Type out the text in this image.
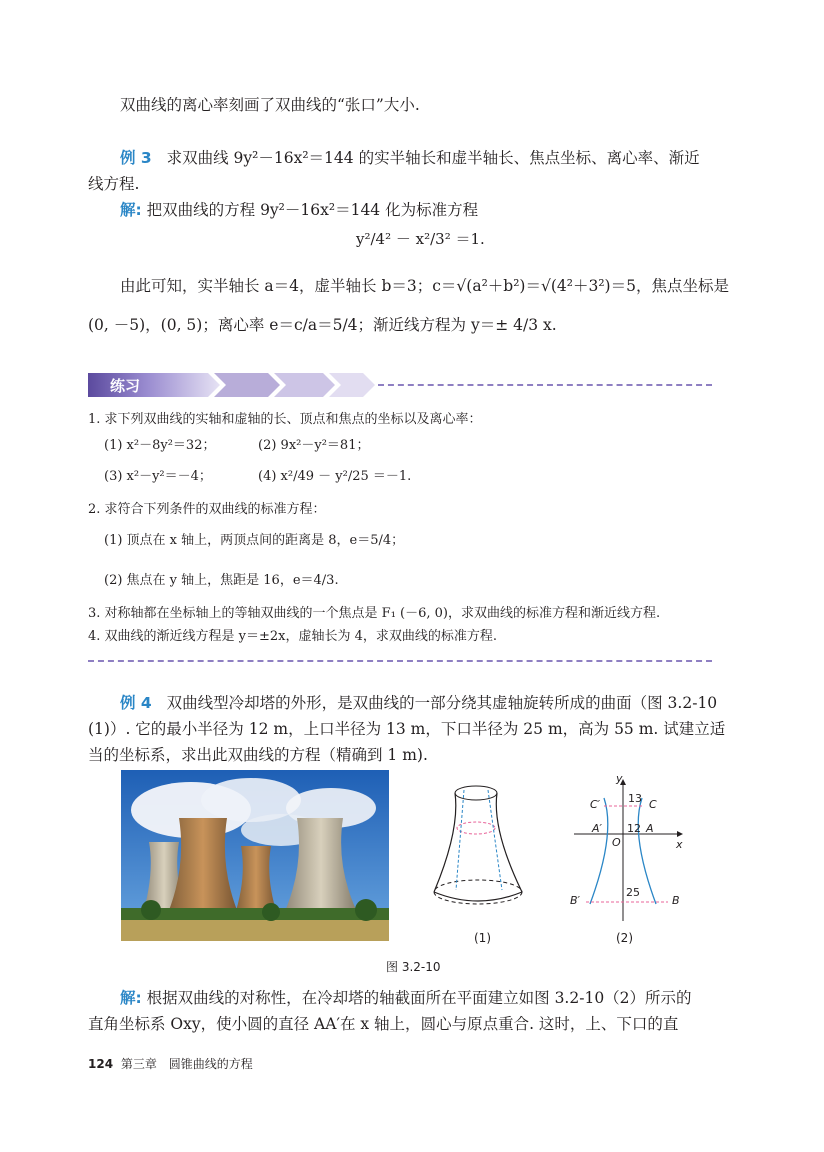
双曲线的离心率刻画了双曲线的“张口”大小.
例 3 求双曲线 9y²－16x²＝144 的实半轴长和虚半轴长、焦点坐标、离心率、渐近
线方程.
解: 把双曲线的方程 9y²－16x²＝144 化为标准方程
y²/4² － x²/3² ＝1.
由此可知，实半轴长 a＝4，虚半轴长 b＝3；c＝√(a²＋b²)＝√(4²＋3²)＝5，焦点坐标是
(0, －5)，(0, 5)；离心率 e＝c/a＝5/4；渐近线方程为 y＝± 4/3 x.
练习
1. 求下列双曲线的实轴和虚轴的长、顶点和焦点的坐标以及离心率：
(1) x²－8y²＝32；	(2) 9x²－y²＝81；
(3) x²－y²＝－4；	(4) x²/49 － y²/25 ＝－1.
2. 求符合下列条件的双曲线的标准方程：
(1) 顶点在 x 轴上，两顶点间的距离是 8，e＝5/4；
(2) 焦点在 y 轴上，焦距是 16，e＝4/3.
3. 对称轴都在坐标轴上的等轴双曲线的一个焦点是 F₁ (－6, 0)，求双曲线的标准方程和渐近线方程.
4. 双曲线的渐近线方程是 y＝±2x，虚轴长为 4，求双曲线的标准方程.
例 4 双曲线型冷却塔的外形，是双曲线的一部分绕其虚轴旋转所成的曲面（图 3.2-10
(1)）. 它的最小半径为 12 m，上口半径为 13 m，下口半径为 25 m，高为 55 m. 试建立适
当的坐标系，求出此双曲线的方程（精确到 1 m).
(1)
y
x
O
C′	C
A′	A
B′	B
13
12
25
(2)
图 3.2-10
解: 根据双曲线的对称性，在冷却塔的轴截面所在平面建立如图 3.2-10（2）所示的
直角坐标系 Oxy，使小圆的直径 AA′在 x 轴上，圆心与原点重合. 这时，上、下口的直
124 第三章 圆锥曲线的方程
